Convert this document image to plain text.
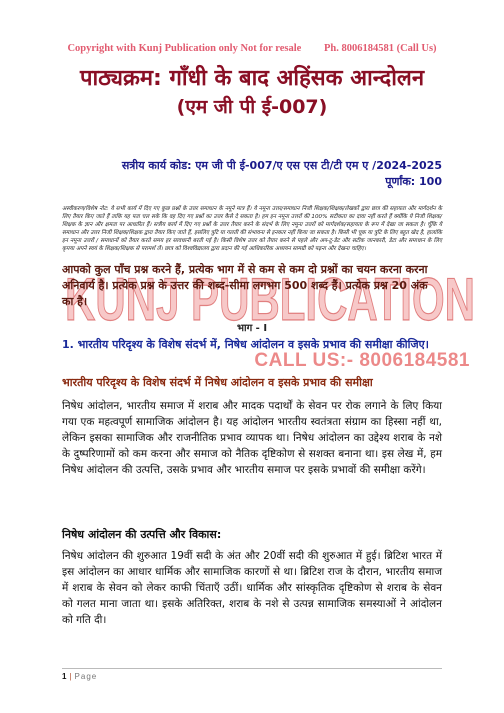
Copyright with Kunj Publication only Not for resale Ph. 8006184581 (Call Us)
पाठ्यक्रम: गाँधी के बाद अहिंसक आन्दोलन
(एम जी पी ई-007)
सत्रीय कार्य कोड: एम जी पी ई-007/ए एस एस टी/टी एम ए /2024-2025
पूर्णांक: 100
अस्वीकरण/विशेष नोट: ये सभी कार्य में दिए गए कुछ प्रश्नों के उत्तर समाधान के नमूने मात्र हैं। ये नमूना उत्तर/समाधान निजी शिक्षक/शिक्षक/लेखकों द्वारा छात्र की सहायता और मार्गदर्शन के लिए तैयार किए जाते हैं ताकि यह पता चल सके कि वह दिए गए प्रश्नों का उत्तर कैसे दे सकता है। हम इन नमूना उत्तरों की 100% सटीकता का दावा नहीं करते हैं क्योंकि ये निजी शिक्षक/शिक्षक के ज्ञान और क्षमता पर आधारित हैं। सत्रीय कार्य में दिए गए प्रश्नों के उत्तर तैयार करने के संदर्भ के लिए नमूना उत्तरों को मार्गदर्शक/सहायता के रूप में देखा जा सकता है। चूँकि ये समाधान और उत्तर निजी शिक्षक/शिक्षक द्वारा तैयार किए जाते हैं, इसलिए त्रुटि या गलती की संभावना से इनकार नहीं किया जा सकता है। किसी भी चूक या त्रुटि के लिए बहुत खेद है, हालांकि इन नमूना उत्तरों / समाधानों को तैयार करते समय हर सावधानी बरती गई है। किसी विशेष उत्तर को तैयार करने से पहले और अप-टू-डेट और सटीक जानकारी, डेटा और समाधान के लिए कृपया अपने स्वयं के शिक्षक/शिक्षक से परामर्श लें। छात्र को विश्वविद्यालय द्वारा प्रदान की गई आधिकारिक अध्ययन सामग्री को पढ़ना और देखना चाहिए।
KUNJ PUBLICATION
CALL US:- 8006184581
आपको कुल पाँच प्रश्न करने हैं, प्रत्येक भाग में से कम से कम दो प्रश्नों का चयन करना करना अनिवार्य है। प्रत्येक प्रश्न के उत्तर की शब्द-सीमा लगभग 500 शब्द हैं। प्रत्येक प्रश्न 20 अंक का है।
भाग - I
1. भारतीय परिदृश्य के विशेष संदर्भ में, निषेध आंदोलन व इसके प्रभाव की समीक्षा कीजिए।
भारतीय परिदृश्य के विशेष संदर्भ में निषेध आंदोलन व इसके प्रभाव की समीक्षा
निषेध आंदोलन, भारतीय समाज में शराब और मादक पदार्थों के सेवन पर रोक लगाने के लिए किया गया एक महत्वपूर्ण सामाजिक आंदोलन है। यह आंदोलन भारतीय स्वतंत्रता संग्राम का हिस्सा नहीं था, लेकिन इसका सामाजिक और राजनीतिक प्रभाव व्यापक था। निषेध आंदोलन का उद्देश्य शराब के नशे के दुष्परिणामों को कम करना और समाज को नैतिक दृष्टिकोण से सशक्त बनाना था। इस लेख में, हम निषेध आंदोलन की उत्पत्ति, उसके प्रभाव और भारतीय समाज पर इसके प्रभावों की समीक्षा करेंगे।
निषेध आंदोलन की उत्पत्ति और विकास:
निषेध आंदोलन की शुरुआत 19वीं सदी के अंत और 20वीं सदी की शुरुआत में हुई। ब्रिटिश भारत में इस आंदोलन का आधार धार्मिक और सामाजिक कारणों से था। ब्रिटिश राज के दौरान, भारतीय समाज में शराब के सेवन को लेकर काफी चिंताएँ उठीं। धार्मिक और सांस्कृतिक दृष्टिकोण से शराब के सेवन को गलत माना जाता था। इसके अतिरिक्त, शराब के नशे से उत्पन्न सामाजिक समस्याओं ने आंदोलन को गति दी।
1 | Page
